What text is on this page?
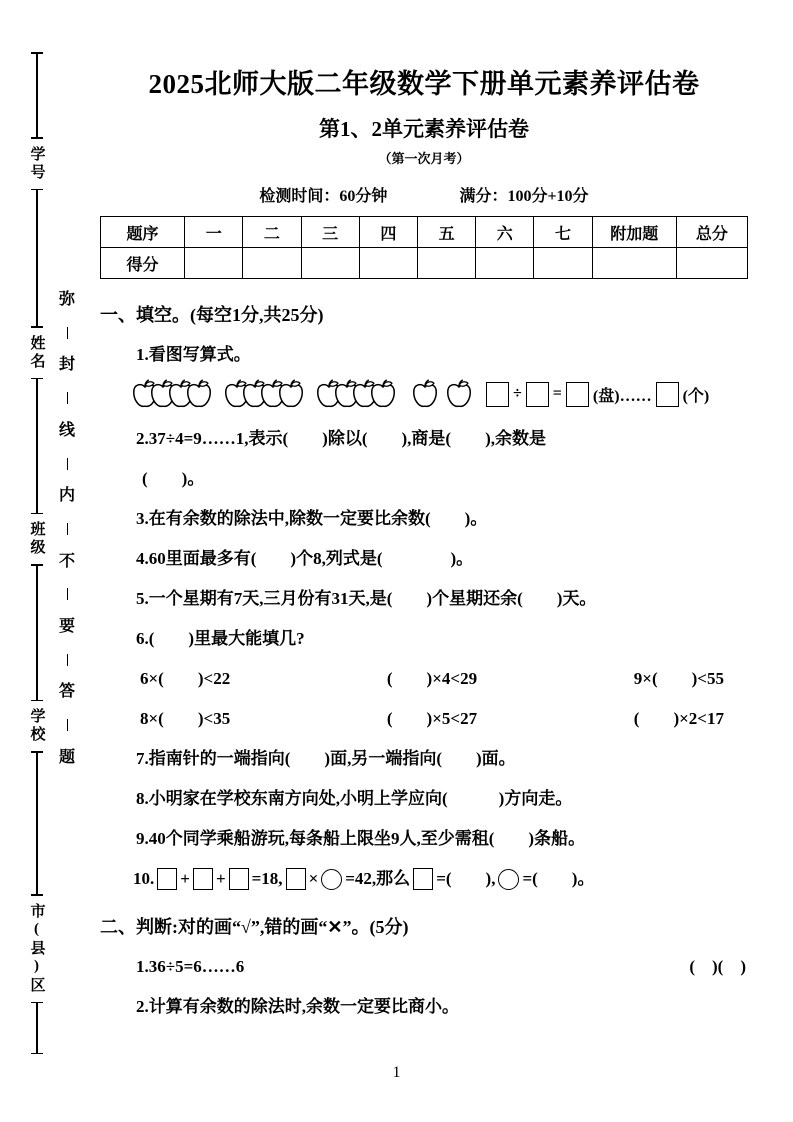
学号
姓名
班级
学校
市(县)区
弥
封
线
内
不
要
答
题
2025北师大版二年级数学下册单元素养评估卷
第1、2单元素养评估卷
（第一次月考）
检测时间：60分钟	满分：100分+10分
题序	一	二	三	四	五	六	七	附加题	总分
得分									
一、填空。(每空1分,共25分)
1.看图写算式。
÷ = (盘)…… (个)
2.37÷4=9……1,表示(　　)除以(　　),商是(　　),余数是
(　　)。
3.在有余数的除法中,除数一定要比余数(　　)。
4.60里面最多有(　　)个8,列式是(　　　　)。
5.一个星期有7天,三月份有31天,是(　　)个星期还余(　　)天。
6.(　　)里最大能填几?
6×(　　)<22	(　　)×4<29	9×(　　)<55
8×(　　)<35	(　　)×5<27	(　　)×2<17
7.指南针的一端指向(　　)面,另一端指向(　　)面。
8.小明家在学校东南方向处,小明上学应向(　　　)方向走。
9.40个同学乘船游玩,每条船上限坐9人,至少需租(　　)条船。
10. + + =18, × =42,那么 =(　　), =(　　)。
二、判断:对的画“√”,错的画“✕”。(5分)
1.36÷5=6……6	(　)(　)
2.计算有余数的除法时,余数一定要比商小。
1
